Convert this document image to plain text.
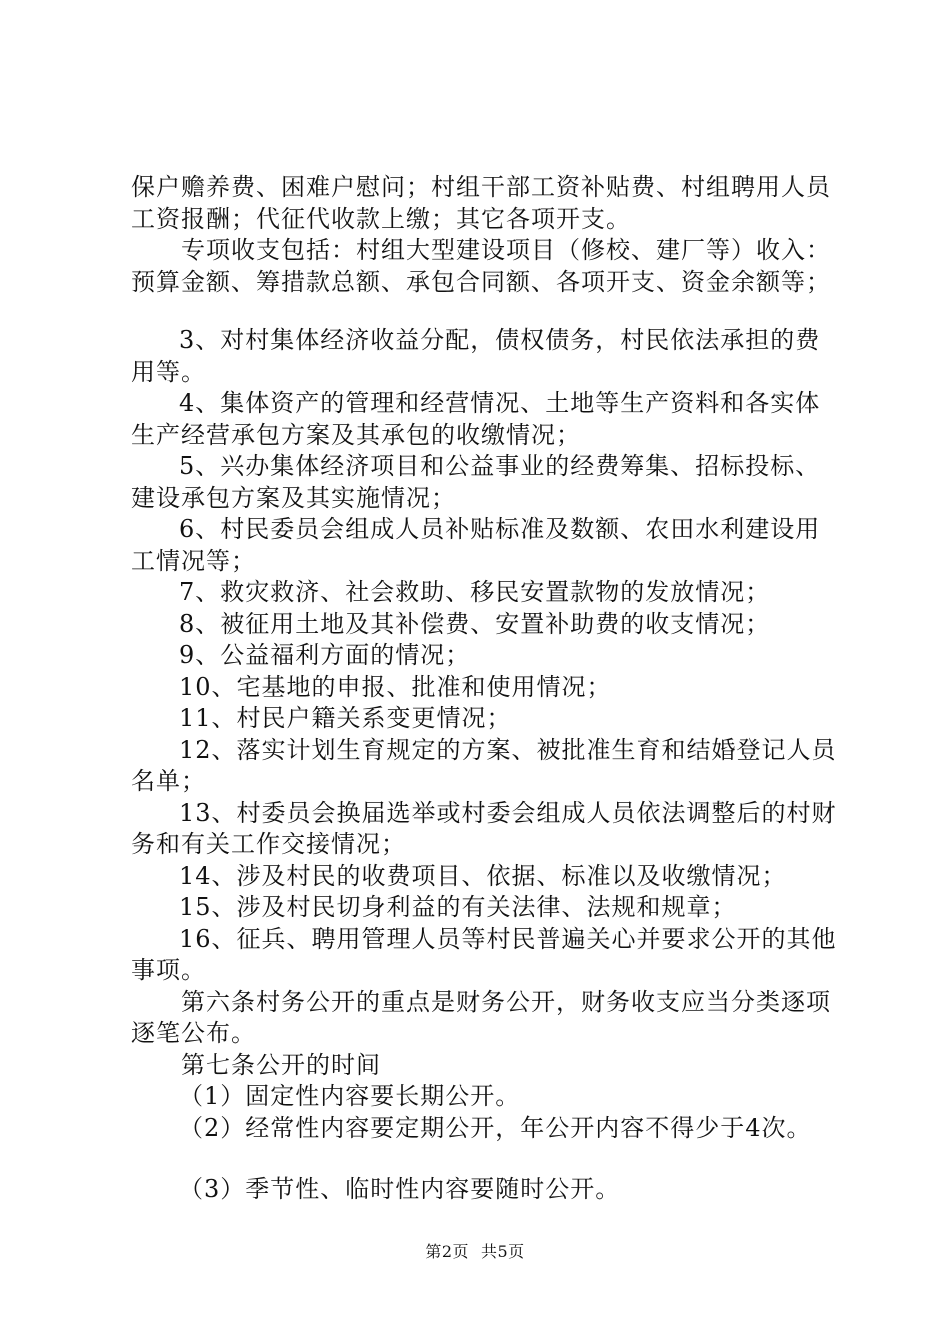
保户赡养费、困难户慰问；村组干部工资补贴费、村组聘用人员工资报酬；代征代收款上缴；其它各项开支。

专项收支包括：村组大型建设项目（修校、建厂等）收入：预算金额、筹措款总额、承包合同额、各项开支、资金余额等；

3、对村集体经济收益分配，债权债务，村民依法承担的费用等。

4、集体资产的管理和经营情况、土地等生产资料和各实体生产经营承包方案及其承包的收缴情况；

5、兴办集体经济项目和公益事业的经费筹集、招标投标、建设承包方案及其实施情况；

6、村民委员会组成人员补贴标准及数额、农田水利建设用工情况等；

7、救灾救济、社会救助、移民安置款物的发放情况；

8、被征用土地及其补偿费、安置补助费的收支情况；

9、公益福利方面的情况；

10、宅基地的申报、批准和使用情况；

11、村民户籍关系变更情况；

12、落实计划生育规定的方案、被批准生育和结婚登记人员名单；

13、村委员会换届选举或村委会组成人员依法调整后的村财务和有关工作交接情况；

14、涉及村民的收费项目、依据、标准以及收缴情况；

15、涉及村民切身利益的有关法律、法规和规章；

16、征兵、聘用管理人员等村民普遍关心并要求公开的其他事项。

第六条村务公开的重点是财务公开，财务收支应当分类逐项逐笔公布。

第七条公开的时间

（1）固定性内容要长期公开。

（2）经常性内容要定期公开，年公开内容不得少于4次。

（3）季节性、临时性内容要随时公开。

第2页 共5页
